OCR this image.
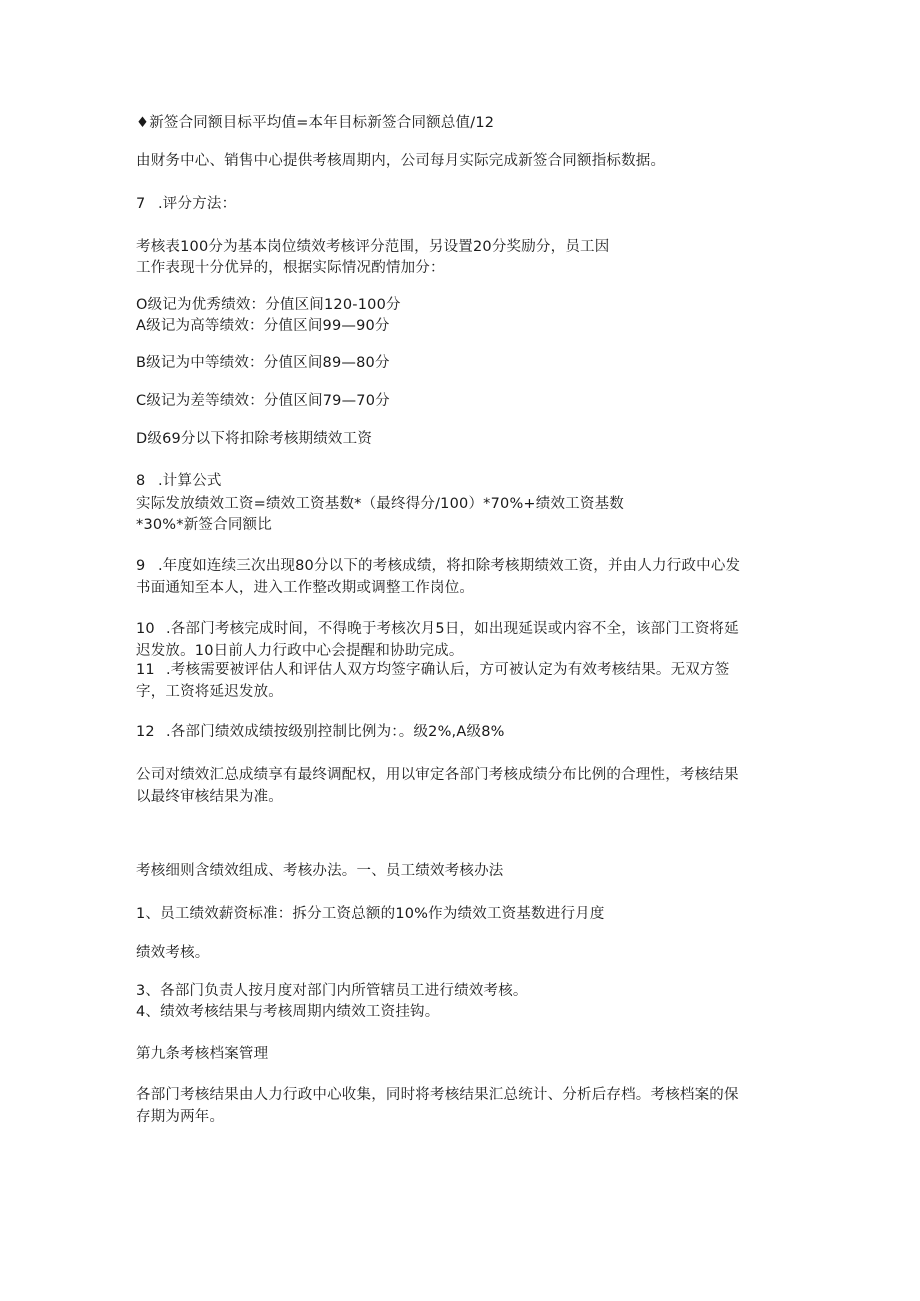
♦新签合同额目标平均值=本年目标新签合同额总值/12

由财务中心、销售中心提供考核周期内，公司每月实际完成新签合同额指标数据。

7 .评分方法：

考核表100分为基本岗位绩效考核评分范围，另设置20分奖励分，员工因

工作表现十分优异的，根据实际情况酌情加分：

O级记为优秀绩效：分值区间120-100分

A级记为高等绩效：分值区间99—90分

B级记为中等绩效：分值区间89—80分

C级记为差等绩效：分值区间79—70分

D级69分以下将扣除考核期绩效工资

8 .计算公式

实际发放绩效工资=绩效工资基数*（最终得分/100）*70%+绩效工资基数

*30%*新签合同额比

9 .年度如连续三次出现80分以下的考核成绩，将扣除考核期绩效工资，并由人力行政中心发

书面通知至本人，进入工作整改期或调整工作岗位。

10 .各部门考核完成时间，不得晚于考核次月5日，如出现延误或内容不全，该部门工资将延

迟发放。10日前人力行政中心会提醒和协助完成。

11 .考核需要被评估人和评估人双方均签字确认后，方可被认定为有效考核结果。无双方签

字，工资将延迟发放。

12 .各部门绩效成绩按级别控制比例为：。级2%,A级8%

公司对绩效汇总成绩享有最终调配权，用以审定各部门考核成绩分布比例的合理性，考核结果

以最终审核结果为准。

考核细则含绩效组成、考核办法。一、员工绩效考核办法

1、员工绩效薪资标准：拆分工资总额的10%作为绩效工资基数进行月度

绩效考核。

3、各部门负责人按月度对部门内所管辖员工进行绩效考核。

4、绩效考核结果与考核周期内绩效工资挂钩。

第九条考核档案管理

各部门考核结果由人力行政中心收集，同时将考核结果汇总统计、分析后存档。考核档案的保

存期为两年。
